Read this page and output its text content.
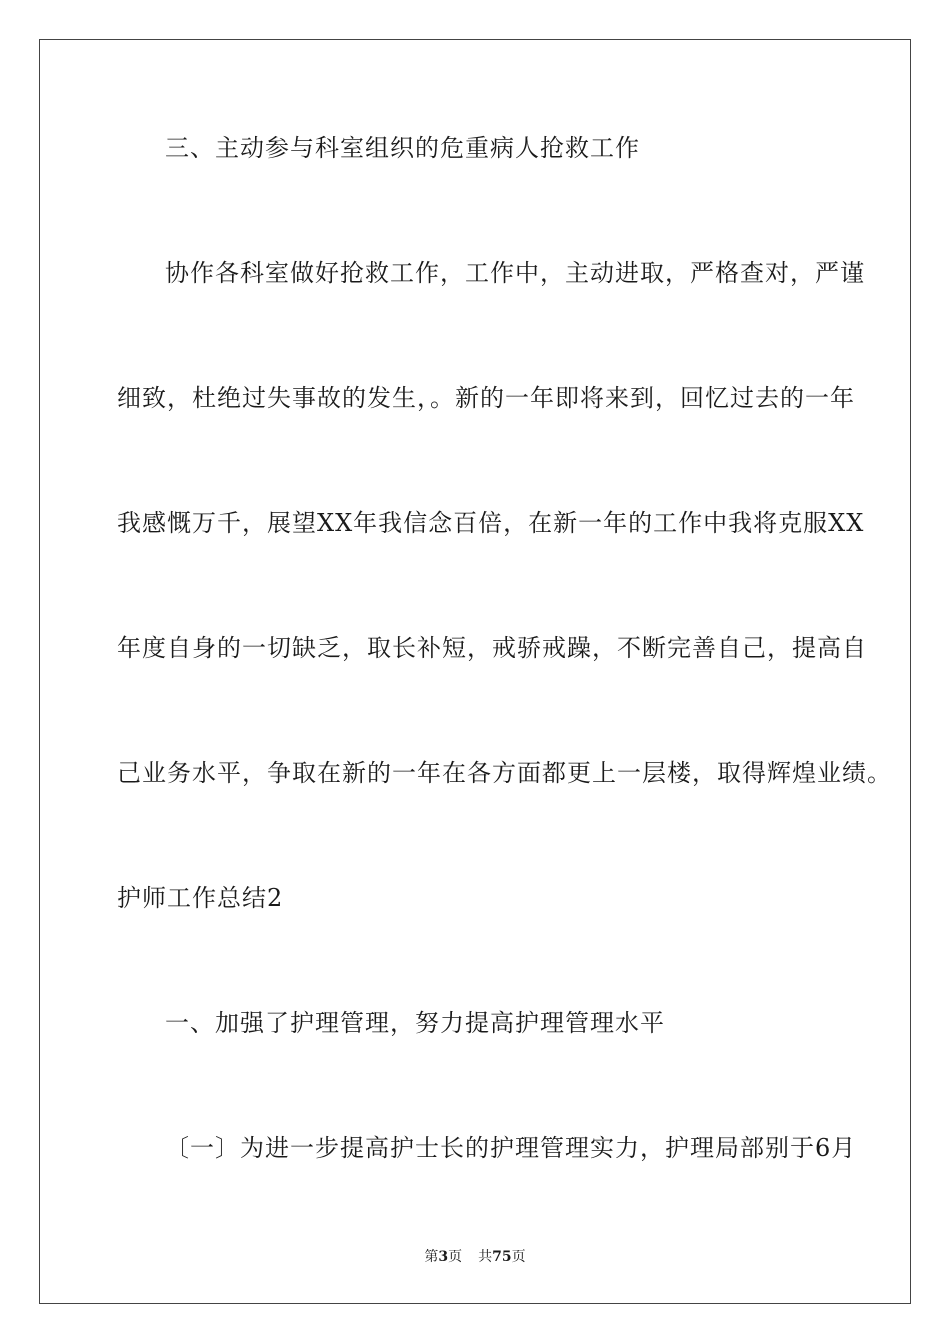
三、主动参与科室组织的危重病人抢救工作
协作各科室做好抢救工作，工作中，主动进取，严格查对，严谨
细致，杜绝过失事故的发生，。新的一年即将来到，回忆过去的一年
我感慨万千，展望XX年我信念百倍，在新一年的工作中我将克服XX
年度自身的一切缺乏，取长补短，戒骄戒躁，不断完善自己，提高自
己业务水平，争取在新的一年在各方面都更上一层楼，取得辉煌业绩。
护师工作总结2
一、加强了护理管理，努力提高护理管理水平
〔一〕为进一步提高护士长的护理管理实力，护理局部别于6月
第3页 共75页
